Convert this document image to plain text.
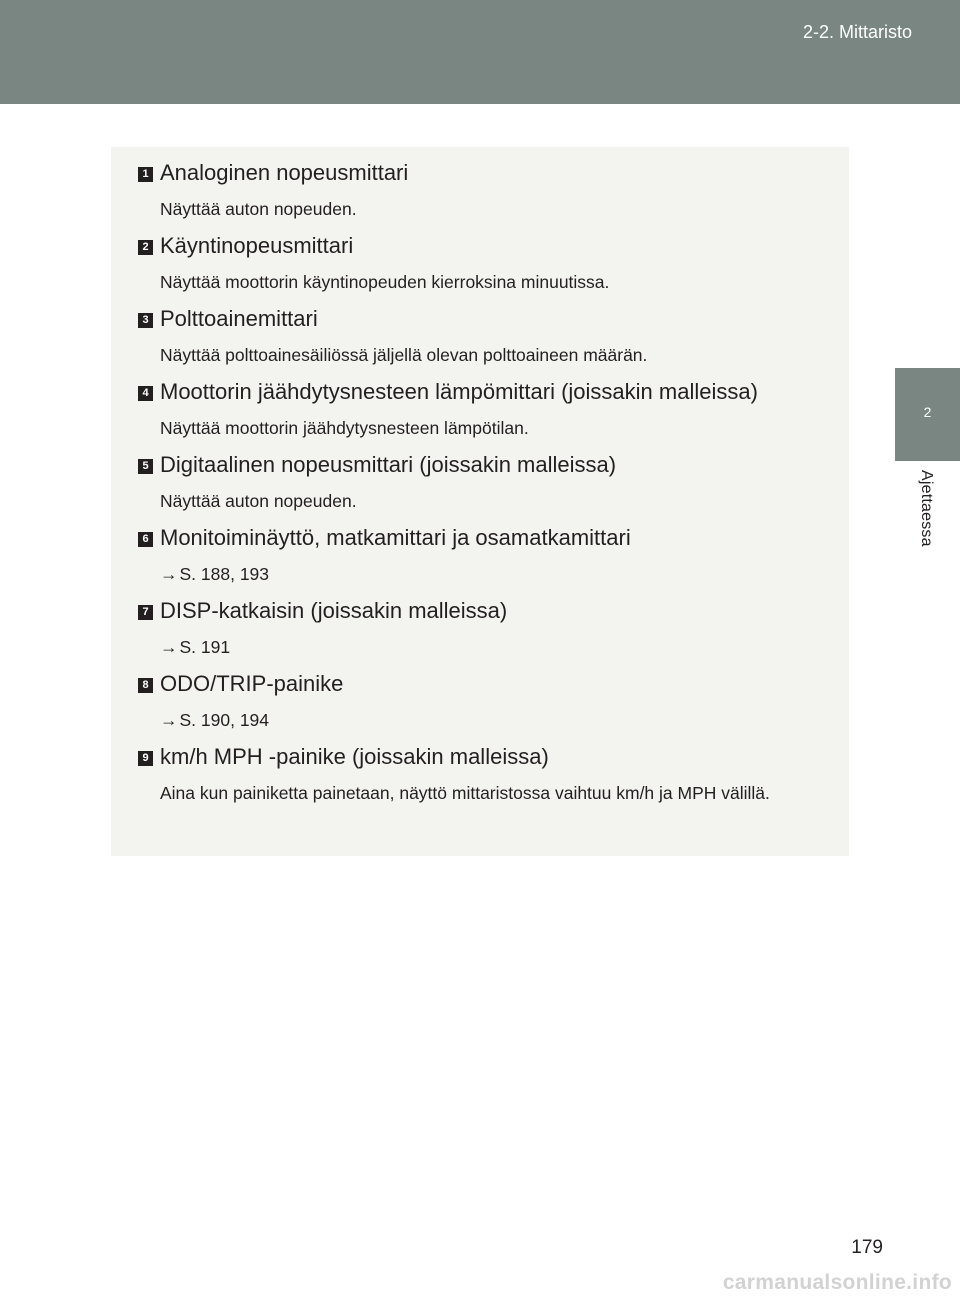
2-2. Mittaristo
2
Ajettaessa
1 Analoginen nopeusmittari
Näyttää auton nopeuden.
2 Käyntinopeusmittari
Näyttää moottorin käyntinopeuden kierroksina minuutissa.
3 Polttoainemittari
Näyttää polttoainesäiliössä jäljellä olevan polttoaineen määrän.
4 Moottorin jäähdytysnesteen lämpömittari (joissakin malleissa)
Näyttää moottorin jäähdytysnesteen lämpötilan.
5 Digitaalinen nopeusmittari (joissakin malleissa)
Näyttää auton nopeuden.
6 Monitoiminäyttö, matkamittari ja osamatkamittari
→ S. 188, 193
7 DISP-katkaisin (joissakin malleissa)
→ S. 191
8 ODO/TRIP-painike
→ S. 190, 194
9 km/h MPH -painike (joissakin malleissa)
Aina kun painiketta painetaan, näyttö mittaristossa vaihtuu km/h ja MPH välillä.
179
carmanualsonline.info
